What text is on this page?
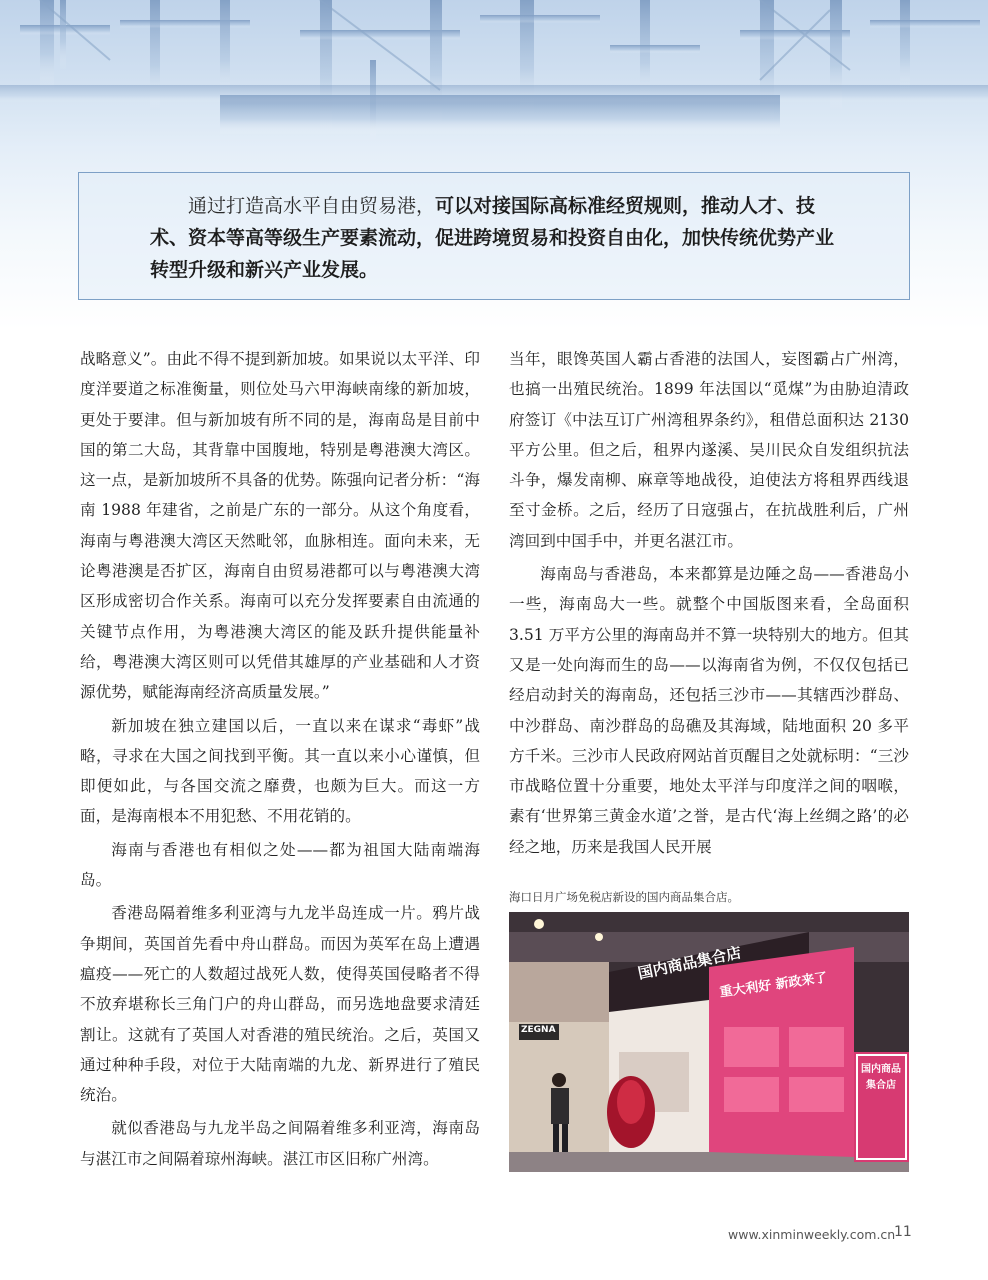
通过打造高水平自由贸易港，可以对接国际高标准经贸规则，推动人才、技术、资本等高等级生产要素流动，促进跨境贸易和投资自由化，加快传统优势产业转型升级和新兴产业发展。

战略意义”。由此不得不提到新加坡。如果说以太平洋、印度洋要道之标准衡量，则位处马六甲海峡南缘的新加坡，更处于要津。但与新加坡有所不同的是，海南岛是目前中国的第二大岛，其背靠中国腹地，特别是粤港澳大湾区。这一点，是新加坡所不具备的优势。陈强向记者分析：“海南 1988 年建省，之前是广东的一部分。从这个角度看，海南与粤港澳大湾区天然毗邻，血脉相连。面向未来，无论粤港澳是否扩区，海南自由贸易港都可以与粤港澳大湾区形成密切合作关系。海南可以充分发挥要素自由流通的关键节点作用，为粤港澳大湾区的能及跃升提供能量补给，粤港澳大湾区则可以凭借其雄厚的产业基础和人才资源优势，赋能海南经济高质量发展。”

新加坡在独立建国以后，一直以来在谋求“毒虾”战略，寻求在大国之间找到平衡。其一直以来小心谨慎，但即便如此，与各国交流之靡费，也颇为巨大。而这一方面，是海南根本不用犯愁、不用花销的。

海南与香港也有相似之处——都为祖国大陆南端海岛。

香港岛隔着维多利亚湾与九龙半岛连成一片。鸦片战争期间，英国首先看中舟山群岛。而因为英军在岛上遭遇瘟疫——死亡的人数超过战死人数，使得英国侵略者不得不放弃堪称长三角门户的舟山群岛，而另选地盘要求清廷割让。这就有了英国人对香港的殖民统治。之后，英国又通过种种手段，对位于大陆南端的九龙、新界进行了殖民统治。

就似香港岛与九龙半岛之间隔着维多利亚湾，海南岛与湛江市之间隔着琼州海峡。湛江市区旧称广州湾。

当年，眼馋英国人霸占香港的法国人，妄图霸占广州湾，也搞一出殖民统治。1899 年法国以“觅煤”为由胁迫清政府签订《中法互订广州湾租界条约》，租借总面积达 2130 平方公里。但之后，租界内遂溪、吴川民众自发组织抗法斗争，爆发南柳、麻章等地战役，迫使法方将租界西线退至寸金桥。之后，经历了日寇强占，在抗战胜利后，广州湾回到中国手中，并更名湛江市。

海南岛与香港岛，本来都算是边陲之岛——香港岛小一些，海南岛大一些。就整个中国版图来看，全岛面积 3.51 万平方公里的海南岛并不算一块特别大的地方。但其又是一处向海而生的岛——以海南省为例，不仅仅包括已经启动封关的海南岛，还包括三沙市——其辖西沙群岛、中沙群岛、南沙群岛的岛礁及其海域，陆地面积 20 多平方千米。三沙市人民政府网站首页醒目之处就标明：“三沙市战略位置十分重要，地处太平洋与印度洋之间的咽喉，素有‘世界第三黄金水道’之誉，是古代‘海上丝绸之路’的必经之地，历来是我国人民开展

海口日月广场免税店新设的国内商品集合店。
国内商品集合店
重大利好 新政来了
国内商品集合店
ZEGNA
www.xinminweekly.com.cn
11
